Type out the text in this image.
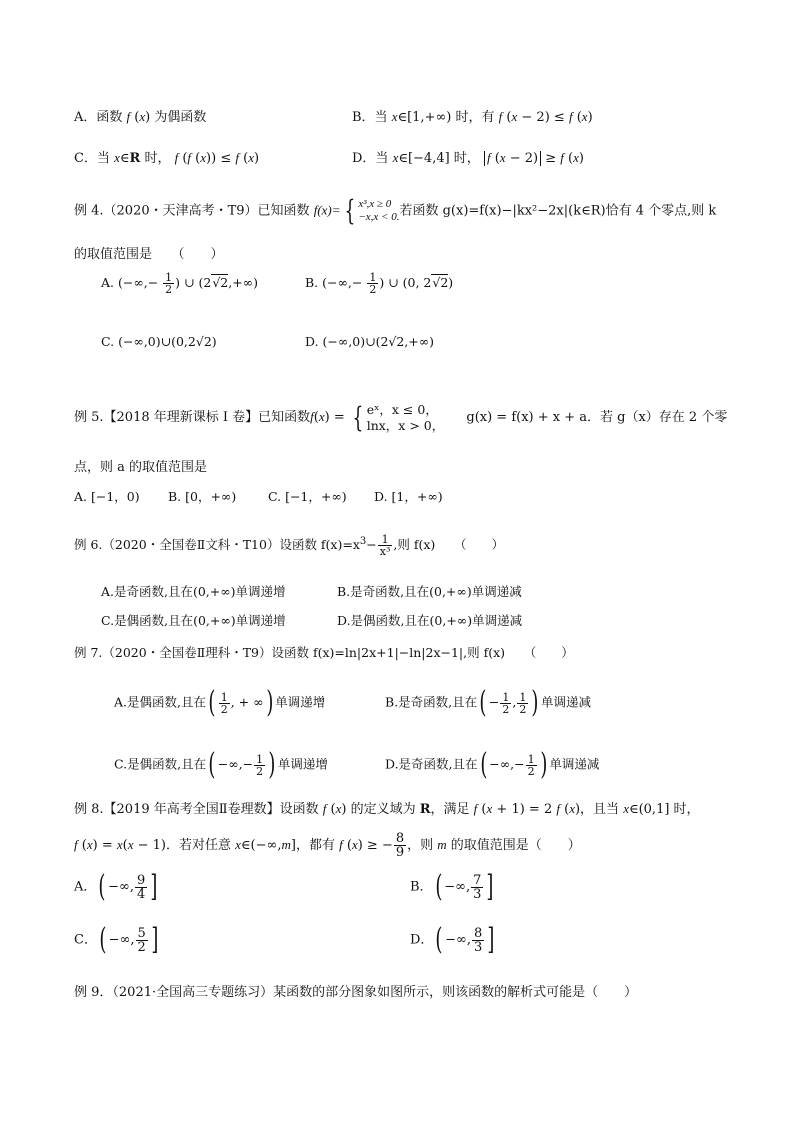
A．函数 f (x) 为偶函数	B．当 x∈[1,+∞) 时，有 f (x − 2) ≤ f (x)
C．当 x∈R 时， f (f (x)) ≤ f (x)	D．当 x∈[−4,4] 时， f (x − 2) ≥ f (x)
例 4.（2020・天津高考・T9）已知函数 f(x)= { x³,x ≥ 0
−x,x < 0.若函数 g(x)=f(x)−|kx²−2x|(k∈R)恰有 4 个零点,则 k
的取值范围是　　（　　）
A. (−∞,− $\frac{1}{2}$ ) ∪ (2√2,+∞)	B. (−∞,− $\frac{1}{2}$ ) ∪ (0, 2√2)
C. (−∞,0)∪(0,2√2)	D. (−∞,0)∪(2√2,+∞)
例 5.【2018 年理新课标 I 卷】已知函数f(x) = { eˣ，x ≤ 0，
lnx，x > 0， g(x) = f(x) + x + a．若 g（x）存在 2 个零
点，则 a 的取值范围是
A. [−1，0) B. [0，+∞)	C. [−1，+∞) D. [1，+∞)
例 6.（2020・全国卷Ⅱ文科・T10）设函数 $f(x)=x^3- \frac{1}{\text{x³}}$ ,则 f(x)　　（　　）
A.是奇函数,且在(0,+∞)单调递增	B.是奇函数,且在(0,+∞)单调递减
C.是偶函数,且在(0,+∞)单调递增	D.是偶函数,且在(0,+∞)单调递减
例 7.（2020・全国卷Ⅱ理科・T9）设函数 f(x)=ln|2x+1|−ln|2x−1|,则 f(x)　　（　　）
A.是偶函数,且在( $\frac{1}{2}$ , + ∞) 单调递增	B.是奇函数,且在( − $\frac{1}{2}$ , $\frac{1}{2}$ ) 单调递减
C.是偶函数,且在( −∞,− $\frac{1}{2}$ ) 单调递增	D.是奇函数,且在( −∞,− $\frac{1}{2}$ ) 单调递减
例 8.【2019 年高考全国Ⅱ卷理数】设函数 f (x) 的定义域为 R，满足 f (x + 1) = 2 f (x)，且当 x∈(0,1] 时，
f (x) = x(x − 1)．若对任意 x∈(−∞,m]，都有 f (x) ≥ − $\frac{8}{9}$ ，则 m 的取值范围是（　　）
A．( −∞, $\frac{9}{4}$ ]	B．( −∞, $\frac{7}{3}$ ]
C．( −∞, $\frac{5}{2}$ ]	D．( −∞, $\frac{8}{3}$ ]
例 9．（2021·全国高三专题练习）某函数的部分图象如图所示，则该函数的解析式可能是（　　）
